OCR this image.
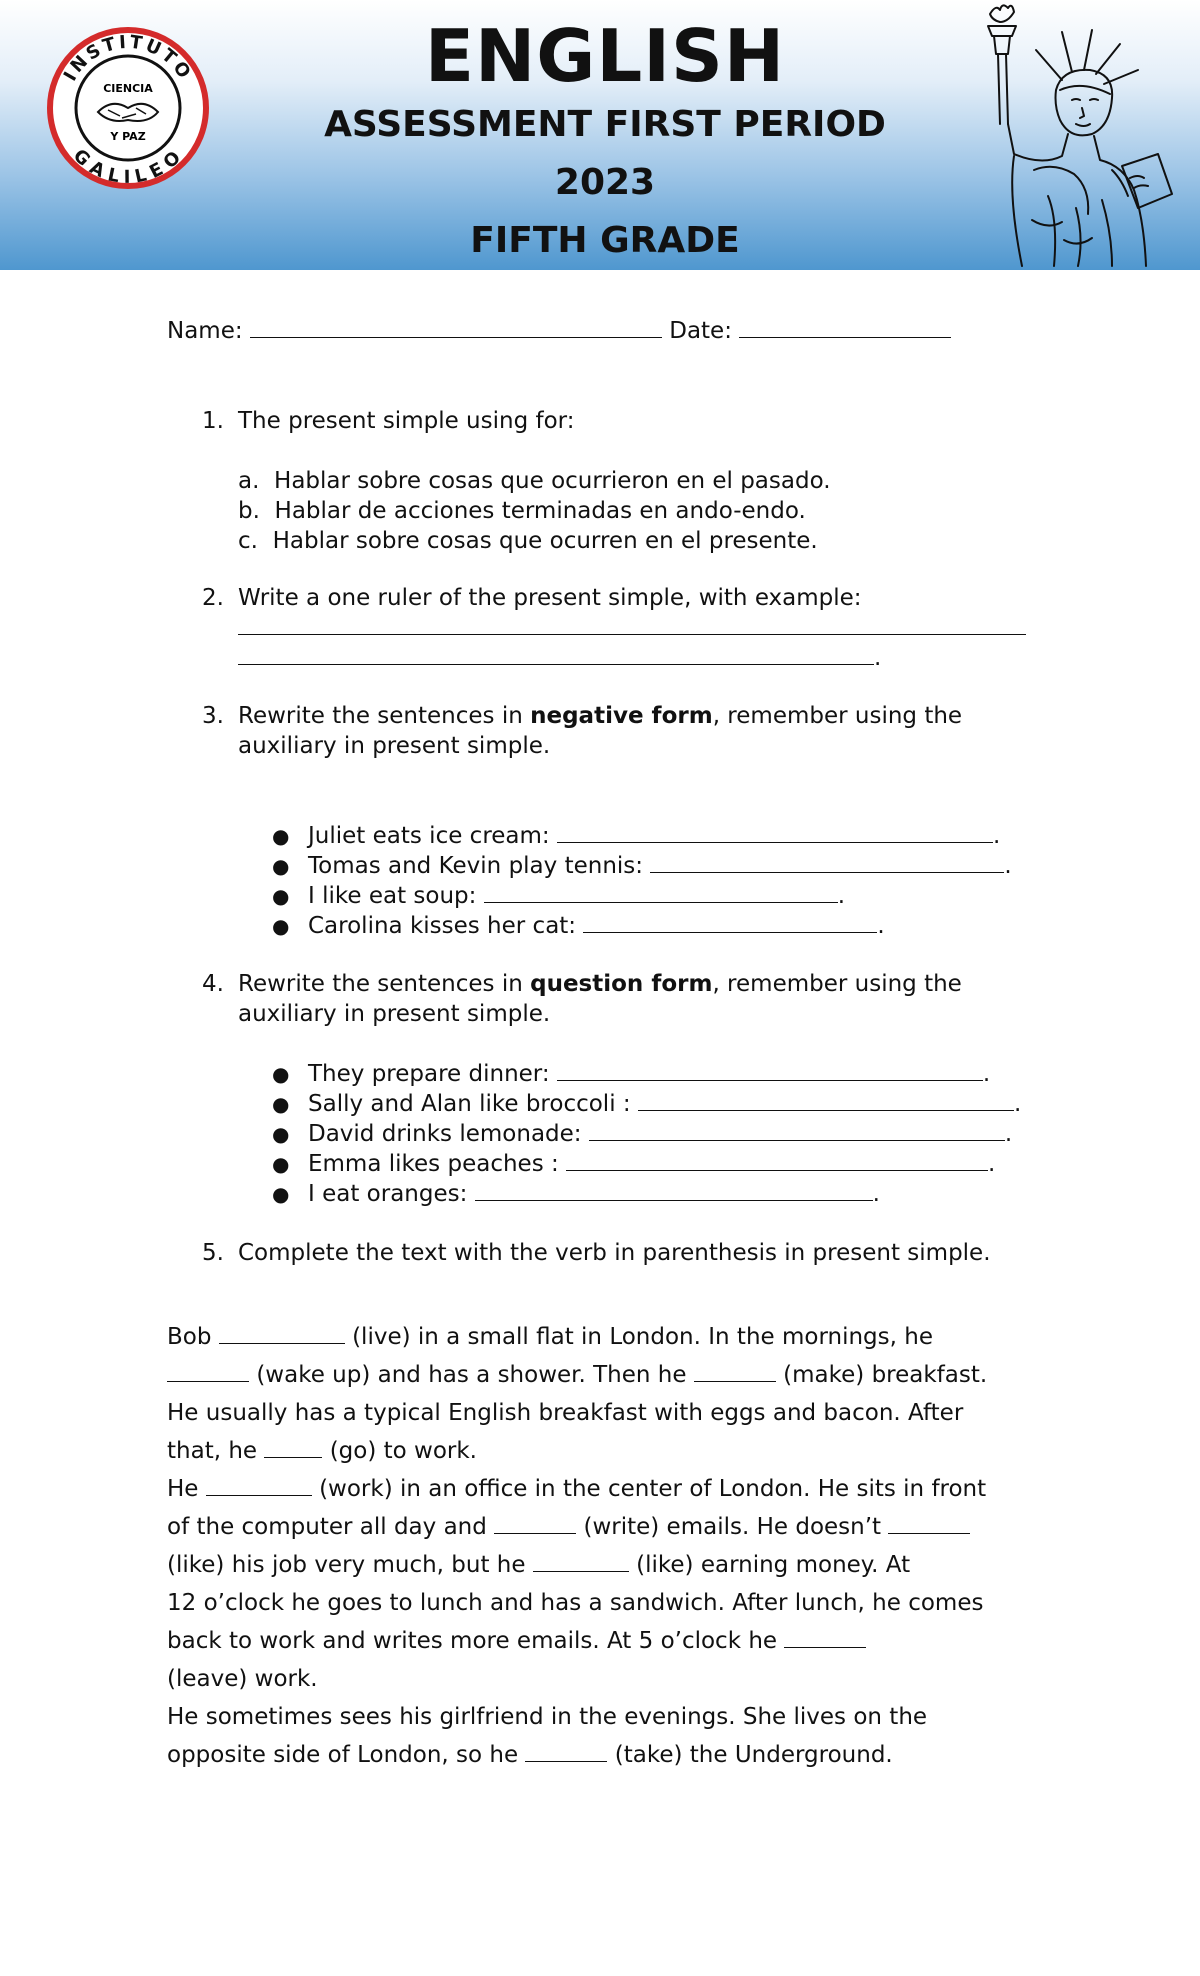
INSTITUTO
GALILEO
CIENCIA
Y PAZ
ENGLISH
ASSESSMENT FIRST PERIOD
2023
FIFTH GRADE
Name:	Date:
1. The present simple using for:
a. Hablar sobre cosas que ocurrieron en el pasado.
b. Hablar de acciones terminadas en ando-endo.
c. Hablar sobre cosas que ocurren en el presente.
2. Write a one ruler of the present simple, with example:
.
3. Rewrite the sentences in negative form, remember using the
auxiliary in present simple.
● Juliet eats ice cream:	.
● Tomas and Kevin play tennis:	.
● I like eat soup:	.
● Carolina kisses her cat:	.
4. Rewrite the sentences in question form, remember using the
auxiliary in present simple.
● They prepare dinner:	.
● Sally and Alan like broccoli :	.
● David drinks lemonade:	.
● Emma likes peaches :	.
● I eat oranges:	.
5. Complete the text with the verb in parenthesis in present simple.
Bob	(live) in a small flat in London. In the mornings, he
(wake up) and has a shower. Then he	(make) breakfast.
He usually has a typical English breakfast with eggs and bacon. After
that, he	(go) to work.
He	(work) in an office in the center of London. He sits in front
of the computer all day and	(write) emails. He doesn’t
(like) his job very much, but he	(like) earning money. At
12 o’clock he goes to lunch and has a sandwich. After lunch, he comes
back to work and writes more emails. At 5 o’clock he
(leave) work.
He sometimes sees his girlfriend in the evenings. She lives on the
opposite side of London, so he	(take) the Underground.
